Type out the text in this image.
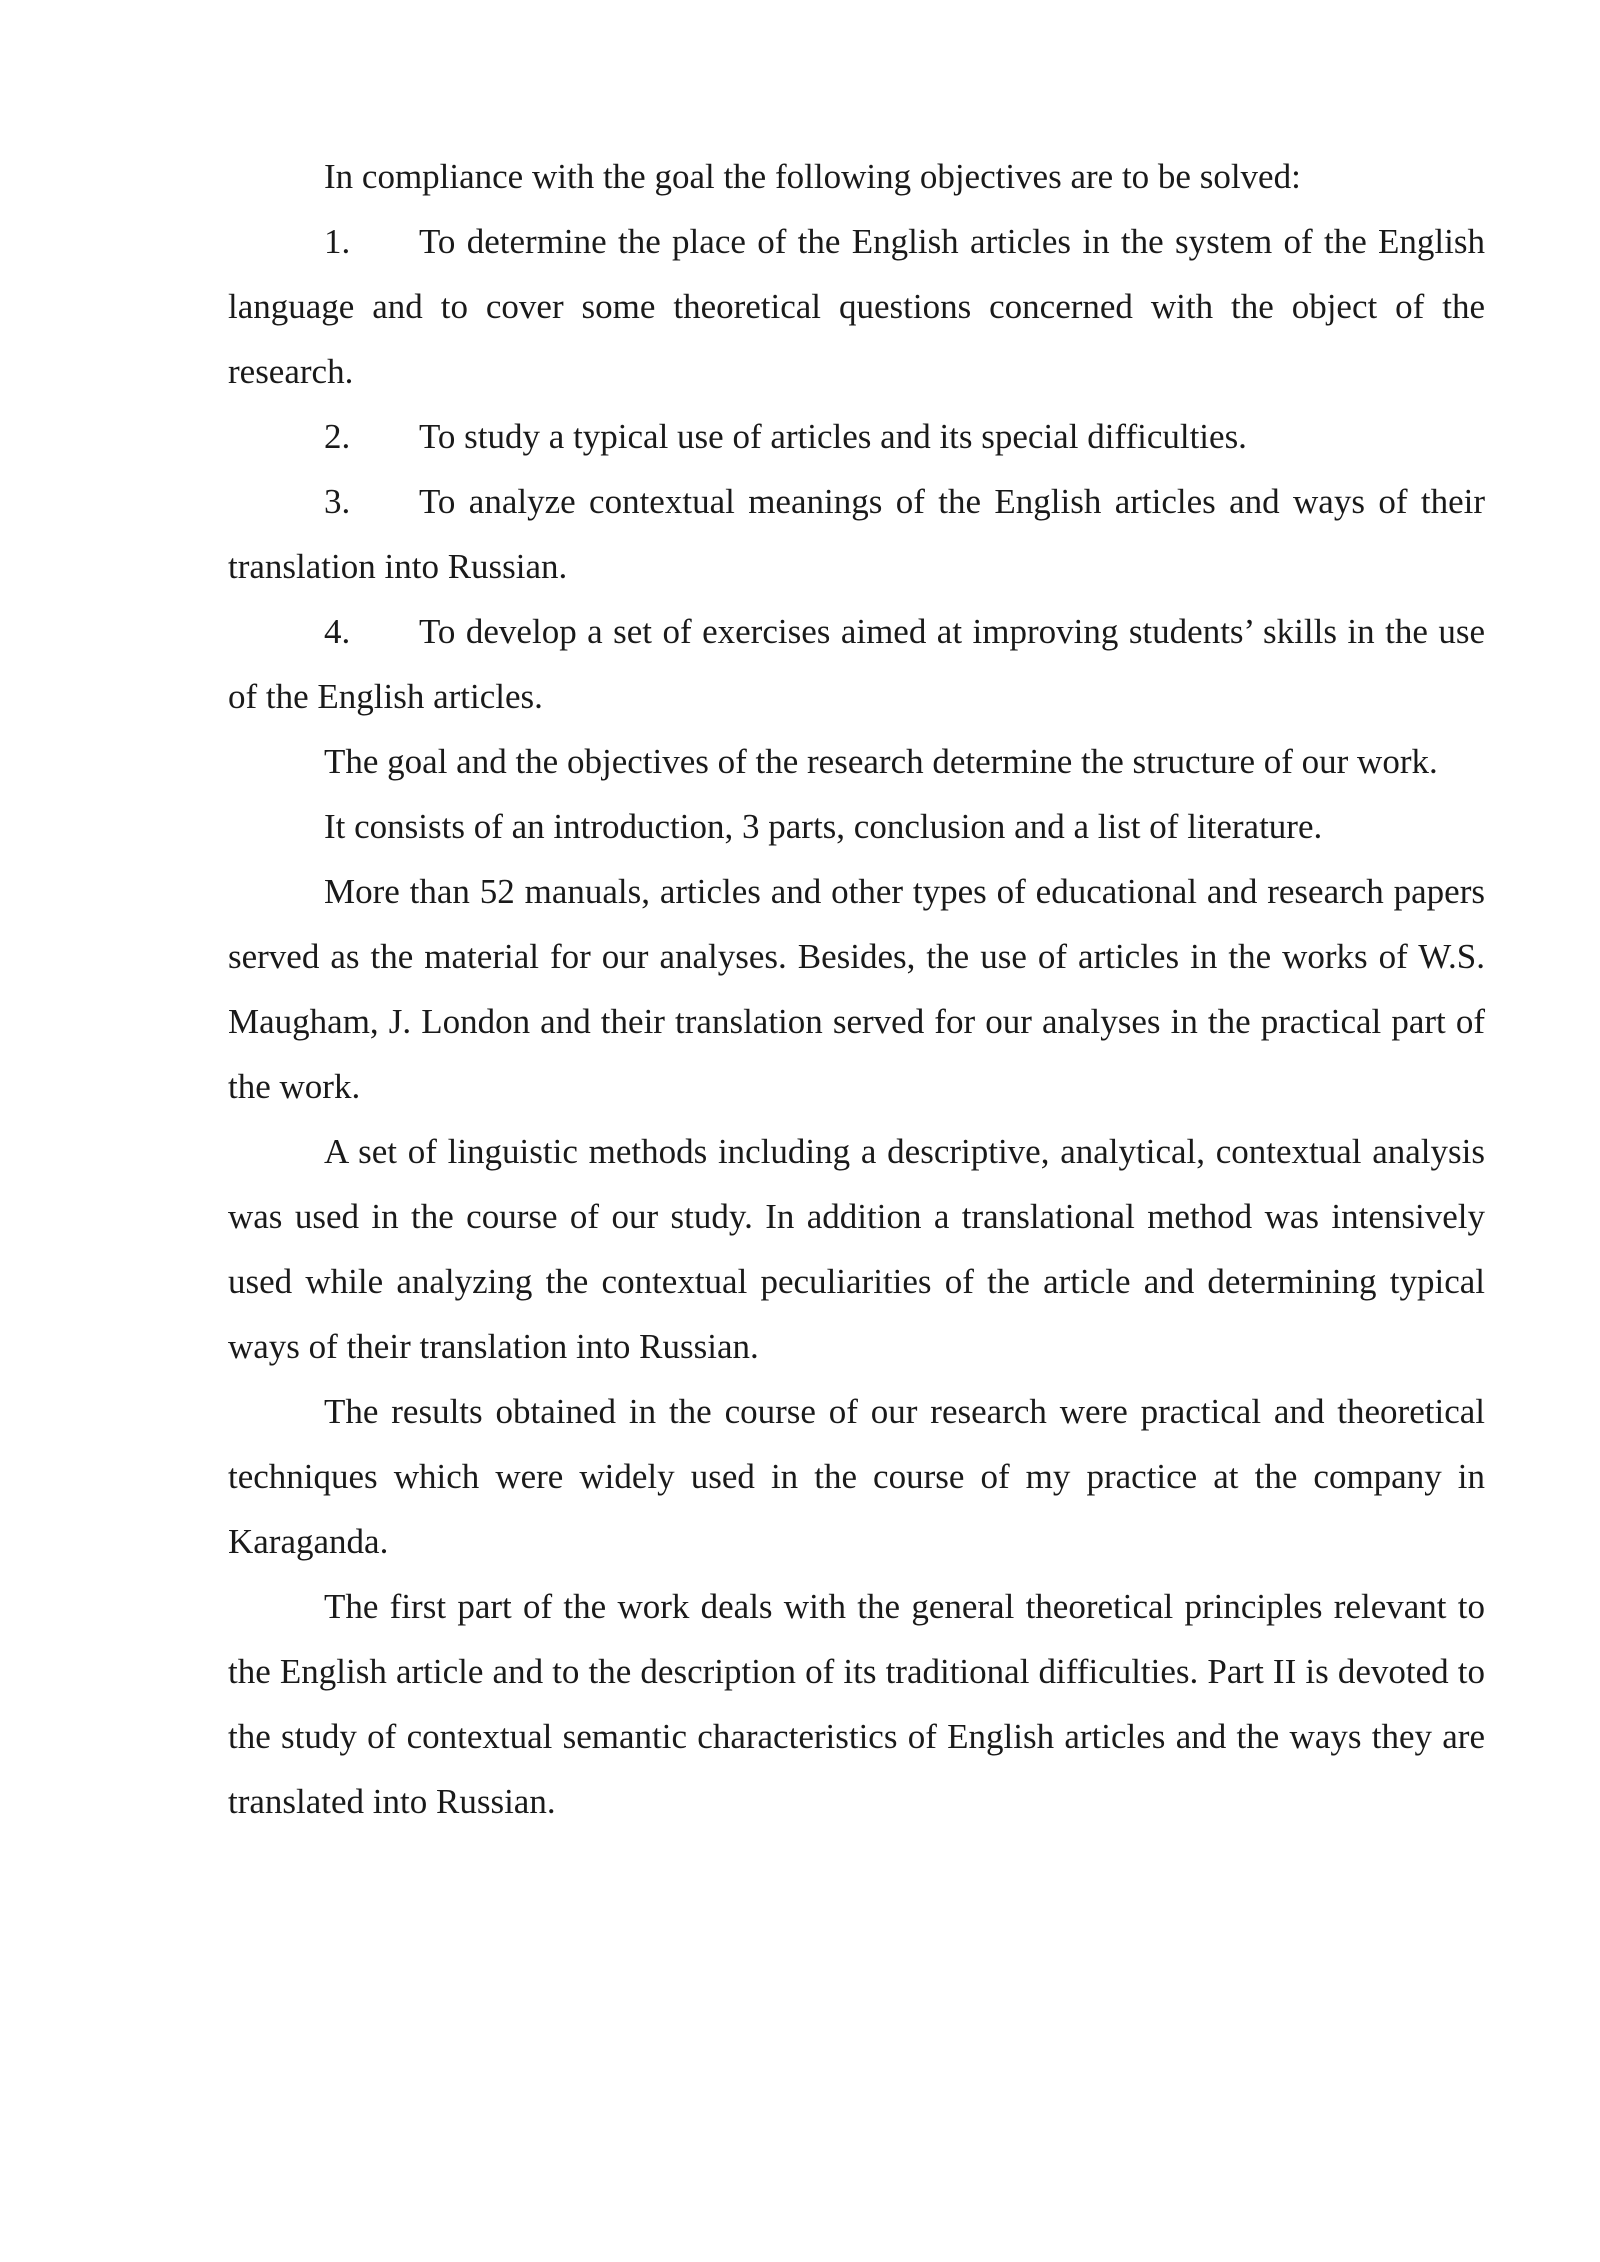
In compliance with the goal the following objectives are to be solved:

1. To determine the place of the English articles in the system of the English language and to cover some theoretical questions concerned with the object of the research.

2. To study a typical use of articles and its special difficulties.

3. To analyze contextual meanings of the English articles and ways of their translation into Russian.

4. To develop a set of exercises aimed at improving students’ skills in the use of the English articles.

The goal and the objectives of the research determine the structure of our work.

It consists of an introduction, 3 parts, conclusion and a list of literature.

More than 52 manuals, articles and other types of educational and research papers served as the material for our analyses. Besides, the use of articles in the works of W.S. Maugham, J. London and their translation served for our analyses in the practical part of the work.

A set of linguistic methods including a descriptive, analytical, contextual analysis was used in the course of our study. In addition a translational method was intensively used while analyzing the contextual peculiarities of the article and determining typical ways of their translation into Russian.

The results obtained in the course of our research were practical and theoretical techniques which were widely used in the course of my practice at the company in Karaganda.

The first part of the work deals with the general theoretical principles relevant to the English article and to the description of its traditional difficulties. Part II is devoted to the study of contextual semantic characteristics of English articles and the ways they are translated into Russian.
